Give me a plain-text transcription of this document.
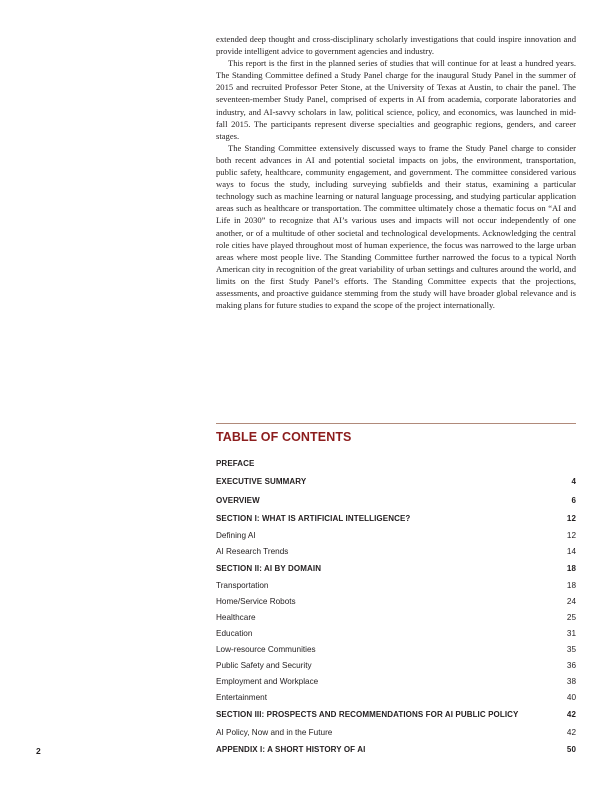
extended deep thought and cross-disciplinary scholarly investigations that could inspire innovation and provide intelligent advice to government agencies and industry.

This report is the first in the planned series of studies that will continue for at least a hundred years. The Standing Committee defined a Study Panel charge for the inaugural Study Panel in the summer of 2015 and recruited Professor Peter Stone, at the University of Texas at Austin, to chair the panel. The seventeen-member Study Panel, comprised of experts in AI from academia, corporate laboratories and industry, and AI-savvy scholars in law, political science, policy, and economics, was launched in mid-fall 2015. The participants represent diverse specialties and geographic regions, genders, and career stages.

The Standing Committee extensively discussed ways to frame the Study Panel charge to consider both recent advances in AI and potential societal impacts on jobs, the environment, transportation, public safety, healthcare, community engagement, and government. The committee considered various ways to focus the study, including surveying subfields and their status, examining a particular technology such as machine learning or natural language processing, and studying particular application areas such as healthcare or transportation. The committee ultimately chose a thematic focus on “AI and Life in 2030” to recognize that AI’s various uses and impacts will not occur independently of one another, or of a multitude of other societal and technological developments. Acknowledging the central role cities have played throughout most of human experience, the focus was narrowed to the large urban areas where most people live. The Standing Committee further narrowed the focus to a typical North American city in recognition of the great variability of urban settings and cultures around the world, and limits on the first Study Panel’s efforts. The Standing Committee expects that the projections, assessments, and proactive guidance stemming from the study will have broader global relevance and is making plans for future studies to expand the scope of the project internationally.

TABLE OF CONTENTS
PREFACE
EXECUTIVE SUMMARY	4
OVERVIEW	6
SECTION I: WHAT IS ARTIFICIAL INTELLIGENCE?	12
Defining AI	12
AI Research Trends	14
SECTION II: AI BY DOMAIN	18
Transportation	18
Home/Service Robots	24
Healthcare	25
Education	31
Low-resource Communities	35
Public Safety and Security	36
Employment and Workplace	38
Entertainment	40
SECTION III: PROSPECTS AND RECOMMENDATIONS FOR AI PUBLIC POLICY	42
AI Policy, Now and in the Future	42
APPENDIX I: A SHORT HISTORY OF AI	50
2
